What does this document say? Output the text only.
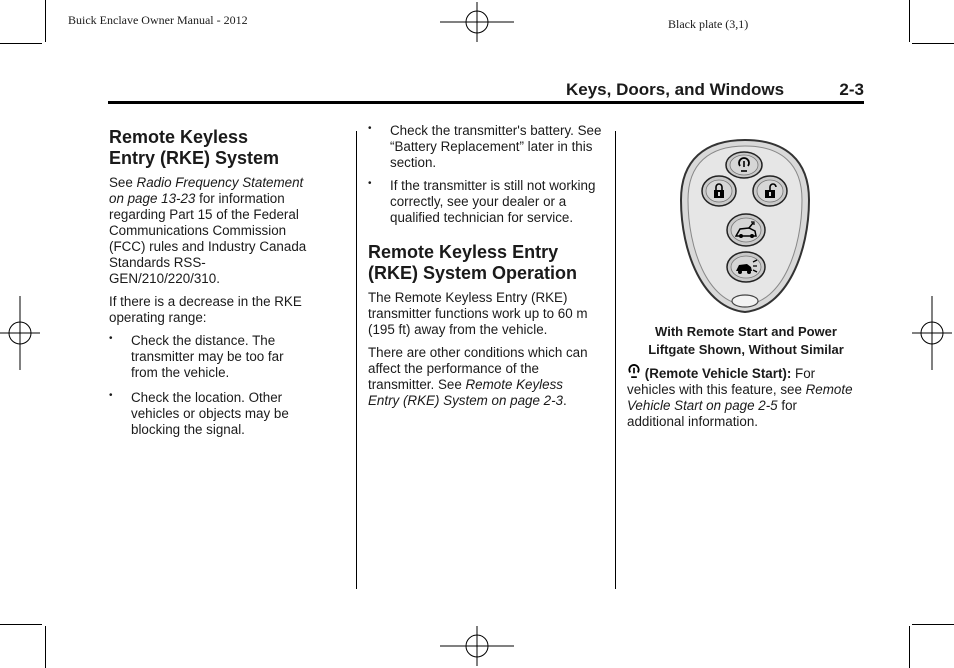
Buick Enclave Owner Manual - 2012	Black plate (3,1)
Keys, Doors, and Windows	2-3
Remote Keyless
Entry (RKE) System

See Radio Frequency Statement on page 13-23 for information regarding Part 15 of the Federal Communications Commission (FCC) rules and Industry Canada Standards RSS-GEN/210/220/310.

If there is a decrease in the RKE operating range:

• Check the distance. The transmitter may be too far from the vehicle.
• Check the location. Other vehicles or objects may be blocking the signal.
• Check the transmitter's battery. See “Battery Replacement” later in this section.
• If the transmitter is still not working correctly, see your dealer or a qualified technician for service.
Remote Keyless Entry (RKE) System Operation

The Remote Keyless Entry (RKE) transmitter functions work up to 60 m (195 ft) away from the vehicle.

There are other conditions which can affect the performance of the transmitter. See Remote Keyless Entry (RKE) System on page 2-3.

With Remote Start and Power
Liftgate Shown, Without Similar

(Remote Vehicle Start): For vehicles with this feature, see Remote Vehicle Start on page 2-5 for additional information.
